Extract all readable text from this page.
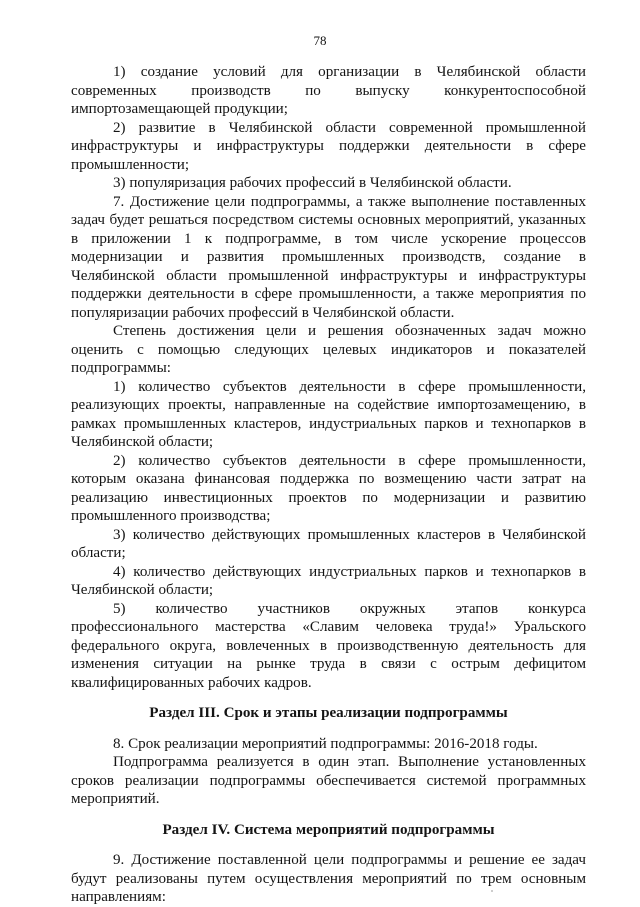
78

1) создание условий для организации в Челябинской области современных производств по выпуску конкурентоспособной импортозамещающей продукции;

2) развитие в Челябинской области современной промышленной инфраструктуры и инфраструктуры поддержки деятельности в сфере промышленности;

3) популяризация рабочих профессий в Челябинской области.

7. Достижение цели подпрограммы, а также выполнение поставленных задач будет решаться посредством системы основных мероприятий, указанных в приложении 1 к подпрограмме, в том числе ускорение процессов модернизации и развития промышленных производств, создание в Челябинской области промышленной инфраструктуры и инфраструктуры поддержки деятельности в сфере промышленности, а также мероприятия по популяризации рабочих профессий в Челябинской области.

Степень достижения цели и решения обозначенных задач можно оценить с помощью следующих целевых индикаторов и показателей подпрограммы:

1) количество субъектов деятельности в сфере промышленности, реализующих проекты, направленные на содействие импортозамещению, в рамках промышленных кластеров, индустриальных парков и технопарков в Челябинской области;

2) количество субъектов деятельности в сфере промышленности, которым оказана финансовая поддержка по возмещению части затрат на реализацию инвестиционных проектов по модернизации и развитию промышленного производства;

3) количество действующих промышленных кластеров в Челябинской области;

4) количество действующих индустриальных парков и технопарков в Челябинской области;

5) количество участников окружных этапов конкурса профессионального мастерства «Славим человека труда!» Уральского федерального округа, вовлеченных в производственную деятельность для изменения ситуации на рынке труда в связи с острым дефицитом квалифицированных рабочих кадров.

Раздел III. Срок и этапы реализации подпрограммы

8. Срок реализации мероприятий подпрограммы: 2016-2018 годы.

Подпрограмма реализуется в один этап. Выполнение установленных сроков реализации подпрограммы обеспечивается системой программных мероприятий.

Раздел IV. Система мероприятий подпрограммы

9. Достижение поставленной цели подпрограммы и решение ее задач будут реализованы путем осуществления мероприятий по трем основным направлениям:
